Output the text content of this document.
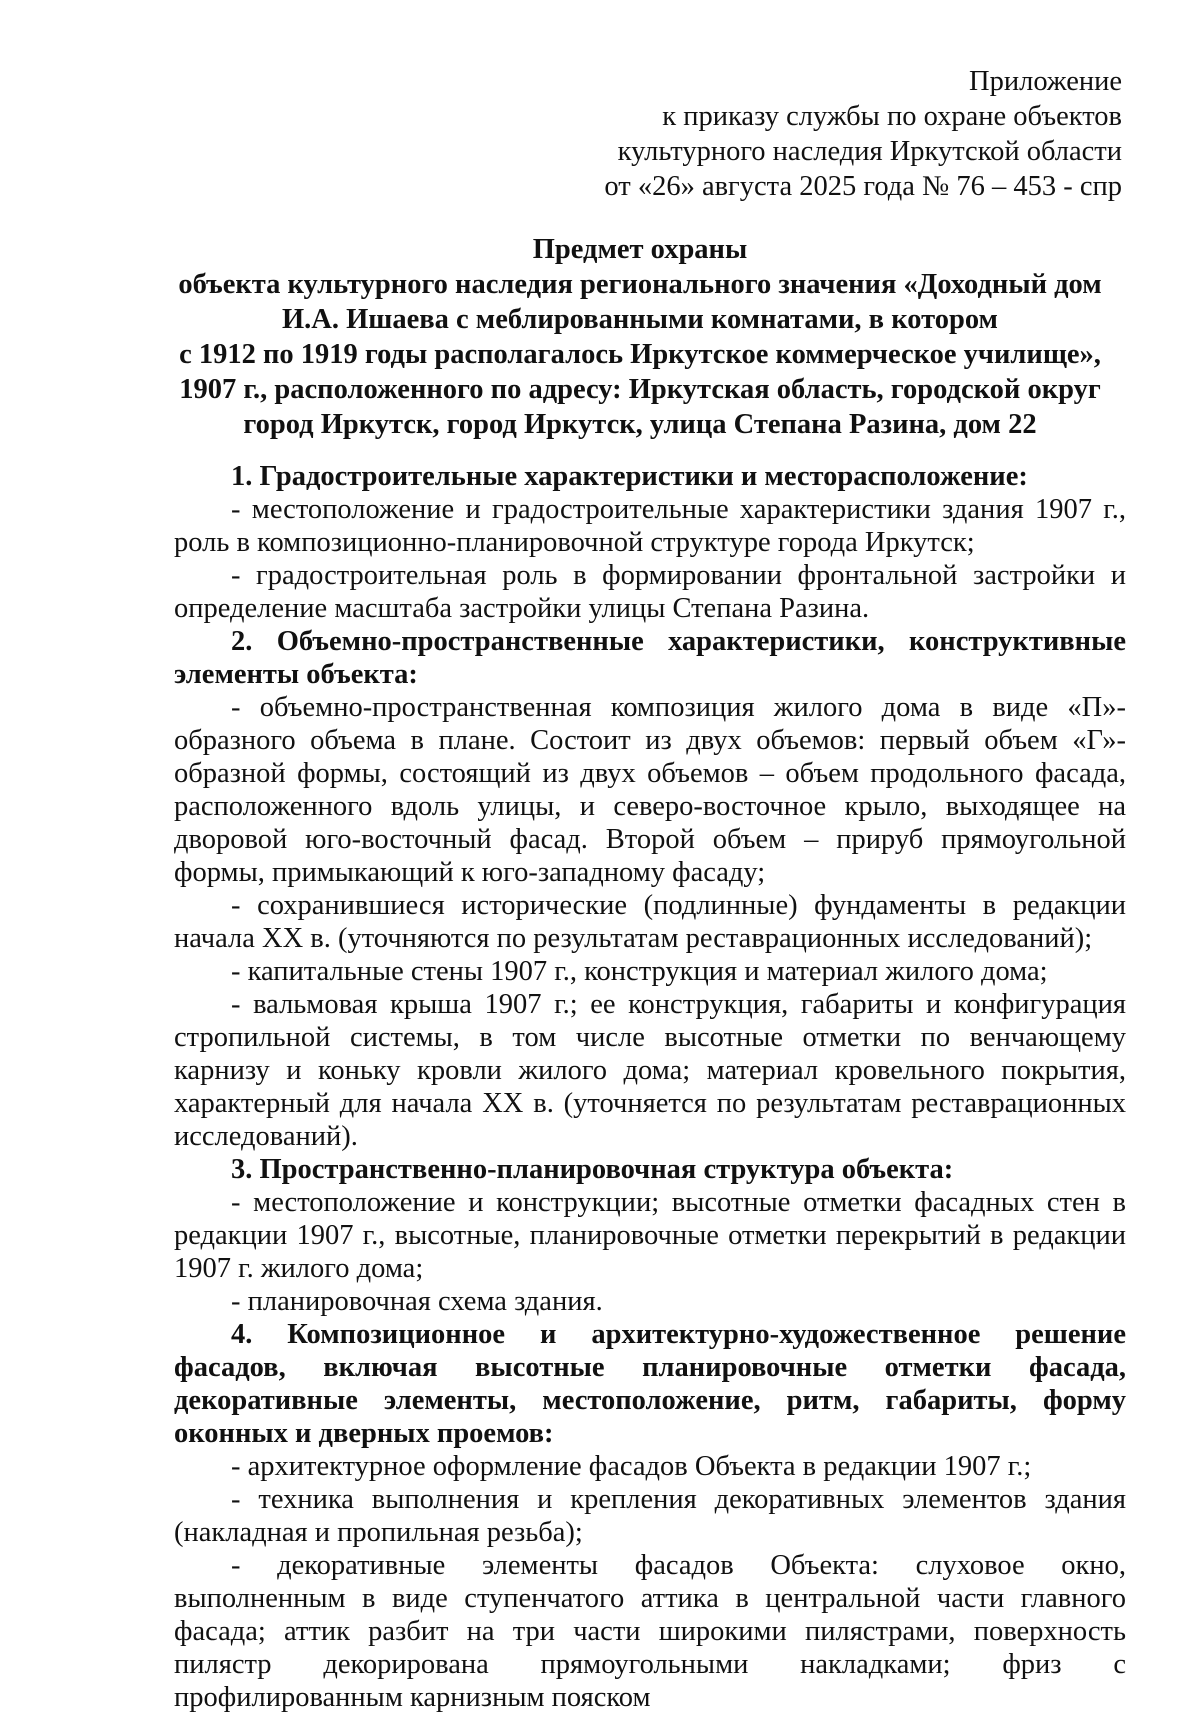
Приложение
к приказу службы по охране объектов
культурного наследия Иркутской области
от «26» августа 2025 года № 76 – 453 - спр
Предмет охраны
объекта культурного наследия регионального значения «Доходный дом
И.А. Ишаева с меблированными комнатами, в котором
с 1912 по 1919 годы располагалось Иркутское коммерческое училище»,
1907 г., расположенного по адресу: Иркутская область, городской округ
город Иркутск, город Иркутск, улица Степана Разина, дом 22

1. Градостроительные характеристики и месторасположение:

- местоположение и градостроительные характеристики здания 1907 г., роль в композиционно-планировочной структуре города Иркутск;

- градостроительная роль в формировании фронтальной застройки и определение масштаба застройки улицы Степана Разина.

2. Объемно-пространственные характеристики, конструктивные элементы объекта:

- объемно-пространственная композиция жилого дома в виде «П»-образного объема в плане. Состоит из двух объемов: первый объем «Г»-образной формы, состоящий из двух объемов – объем продольного фасада, расположенного вдоль улицы, и северо-восточное крыло, выходящее на дворовой юго-восточный фасад. Второй объем – прируб прямоугольной формы, примыкающий к юго-западному фасаду;

- сохранившиеся исторические (подлинные) фундаменты в редакции начала XX в. (уточняются по результатам реставрационных исследований);

- капитальные стены 1907 г., конструкция и материал жилого дома;

- вальмовая крыша 1907 г.; ее конструкция, габариты и конфигурация стропильной системы, в том числе высотные отметки по венчающему карнизу и коньку кровли жилого дома; материал кровельного покрытия, характерный для начала XX в. (уточняется по результатам реставрационных исследований).

3. Пространственно-планировочная структура объекта:

- местоположение и конструкции; высотные отметки фасадных стен в редакции 1907 г., высотные, планировочные отметки перекрытий в редакции 1907 г. жилого дома;

- планировочная схема здания.

4. Композиционное и архитектурно-художественное решение фасадов, включая высотные планировочные отметки фасада, декоративные элементы, местоположение, ритм, габариты, форму оконных и дверных проемов:

- архитектурное оформление фасадов Объекта в редакции 1907 г.;

- техника выполнения и крепления декоративных элементов здания (накладная и пропильная резьба);

- декоративные элементы фасадов Объекта: слуховое окно, выполненным в виде ступенчатого аттика в центральной части главного фасада; аттик разбит на три части широкими пилястрами, поверхность пилястр декорирована прямоугольными накладками; фриз с профилированным карнизным пояском
